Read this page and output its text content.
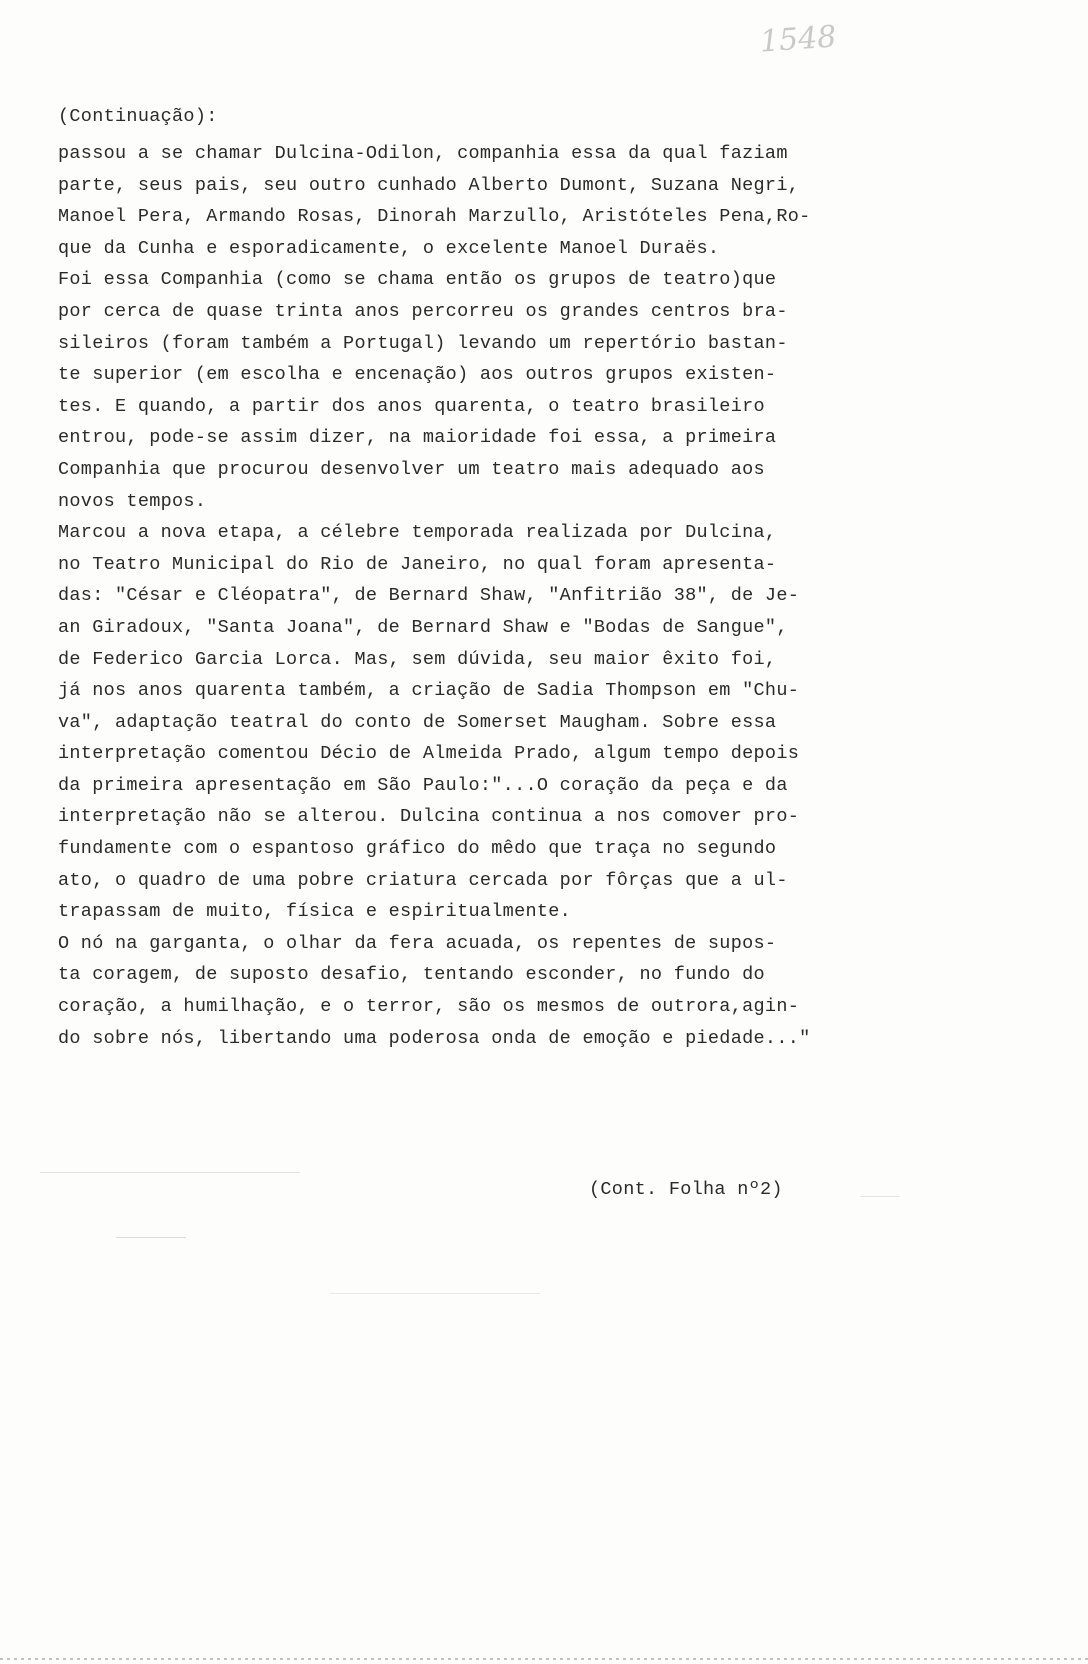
1548
(Continuação):
passou a se chamar Dulcina-Odilon, companhia essa da qual faziam
parte, seus pais, seu outro cunhado Alberto Dumont, Suzana Negri,
Manoel Pera, Armando Rosas, Dinorah Marzullo, Aristóteles Pena,Ro-
que da Cunha e esporadicamente, o excelente Manoel Duraës.
Foi essa Companhia (como se chama então os grupos de teatro)que
por cerca de quase trinta anos percorreu os grandes centros bra-
sileiros (foram também a Portugal) levando um repertório bastan-
te superior (em escolha e encenação) aos outros grupos existen-
tes. E quando, a partir dos anos quarenta, o teatro brasileiro
entrou, pode-se assim dizer, na maioridade foi essa, a primeira
Companhia que procurou desenvolver um teatro mais adequado aos
novos tempos.
Marcou a nova etapa, a célebre temporada realizada por Dulcina,
no Teatro Municipal do Rio de Janeiro, no qual foram apresenta-
das: "César e Cléopatra", de Bernard Shaw, "Anfitrião 38", de Je-
an Giradoux, "Santa Joana", de Bernard Shaw e "Bodas de Sangue",
de Federico Garcia Lorca. Mas, sem dúvida, seu maior êxito foi,
já nos anos quarenta também, a criação de Sadia Thompson em "Chu-
va", adaptação teatral do conto de Somerset Maugham. Sobre essa
interpretação comentou Décio de Almeida Prado, algum tempo depois
da primeira apresentação em São Paulo:"...O coração da peça e da
interpretação não se alterou. Dulcina continua a nos comover pro-
fundamente com o espantoso gráfico do mêdo que traça no segundo
ato, o quadro de uma pobre criatura cercada por fôrças que a ul-
trapassam de muito, física e espiritualmente.
O nó na garganta, o olhar da fera acuada, os repentes de supos-
ta coragem, de suposto desafio, tentando esconder, no fundo do
coração, a humilhação, e o terror, são os mesmos de outrora,agin-
do sobre nós, libertando uma poderosa onda de emoção e piedade..."
(Cont. Folha nº2)
